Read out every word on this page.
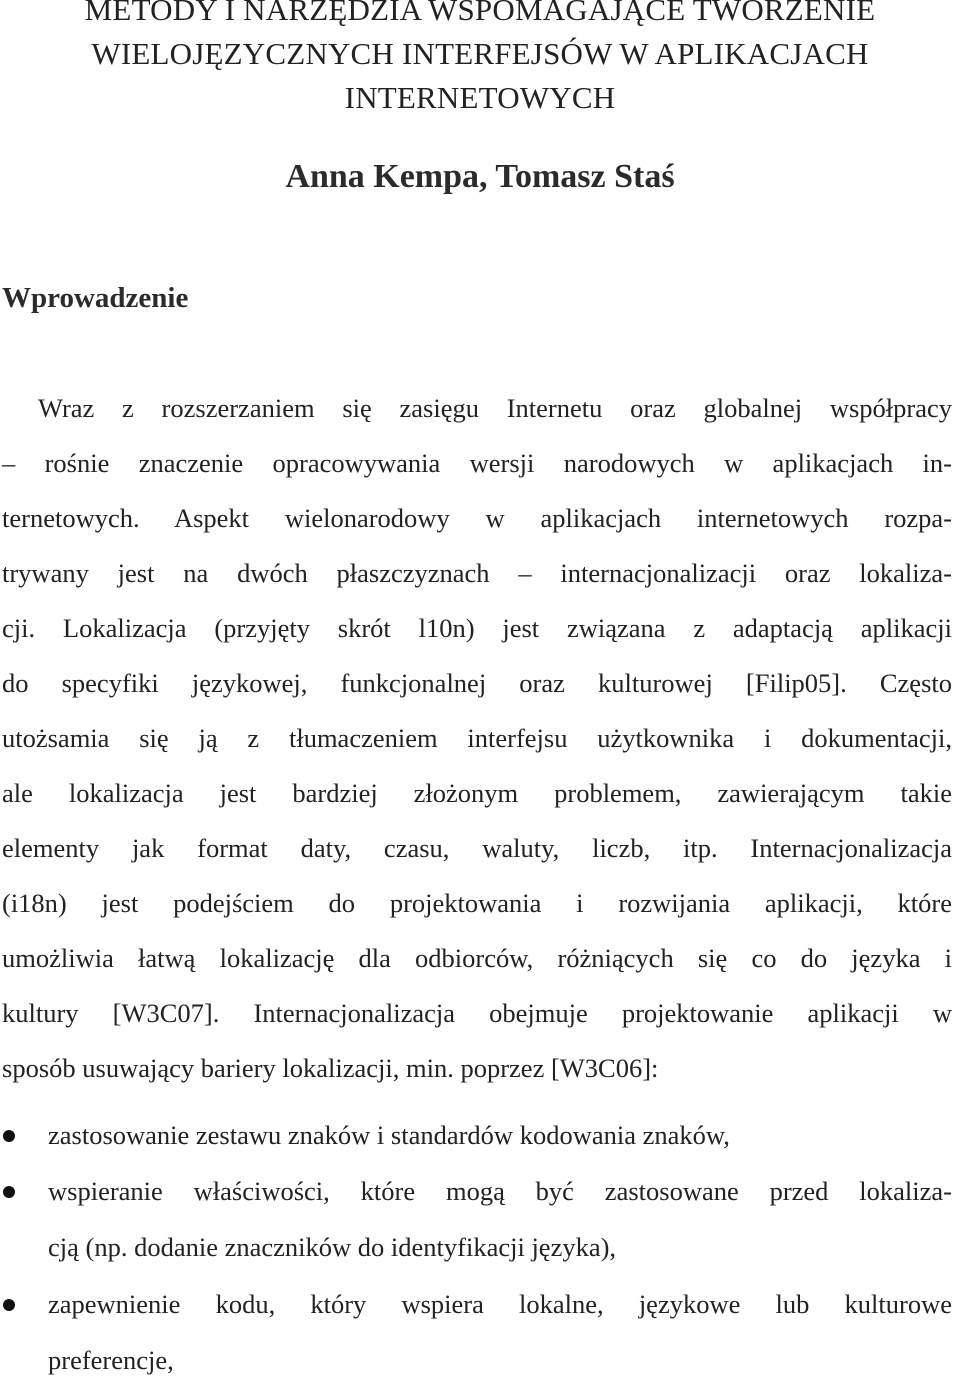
METODY I NARZĘDZIA WSPOMAGAJĄCE TWORZENIE
WIELOJĘZYCZNYCH INTERFEJSÓW W APLIKACJACH
INTERNETOWYCH
Anna Kempa, Tomasz Staś
Wprowadzenie
Wraz z rozszerzaniem się zasięgu Internetu oraz globalnej współpracy
– rośnie znaczenie opracowywania wersji narodowych w aplikacjach in-
ternetowych. Aspekt wielonarodowy w aplikacjach internetowych rozpa-
trywany jest na dwóch płaszczyznach – internacjonalizacji oraz lokaliza-
cji. Lokalizacja (przyjęty skrót l10n) jest związana z adaptacją aplikacji
do specyfiki językowej, funkcjonalnej oraz kulturowej [Filip05]. Często
utożsamia się ją z tłumaczeniem interfejsu użytkownika i dokumentacji,
ale lokalizacja jest bardziej złożonym problemem, zawierającym takie
elementy jak format daty, czasu, waluty, liczb, itp. Internacjonalizacja
(i18n) jest podejściem do projektowania i rozwijania aplikacji, które
umożliwia łatwą lokalizację dla odbiorców, różniących się co do języka i
kultury [W3C07]. Internacjonalizacja obejmuje projektowanie aplikacji w
sposób usuwający bariery lokalizacji, min. poprzez [W3C06]:
zastosowanie zestawu znaków i standardów kodowania znaków,
wspieranie właściwości, które mogą być zastosowane przed lokaliza-
cją (np. dodanie znaczników do identyfikacji języka),
zapewnienie kodu, który wspiera lokalne, językowe lub kulturowe
preferencje,
